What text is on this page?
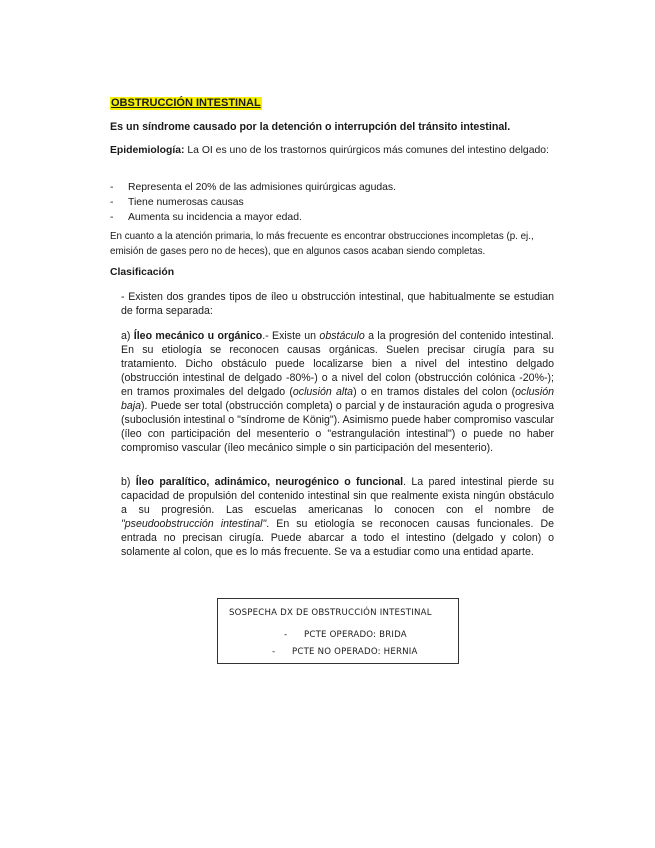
OBSTRUCCIÓN INTESTINAL

Es un síndrome causado por la detención o interrupción del tránsito intestinal.

Epidemiología: La OI es uno de los trastornos quirúrgicos más comunes del intestino delgado:

- Representa el 20% de las admisiones quirúrgicas agudas.
- Tiene numerosas causas
- Aumenta su incidencia a mayor edad.

En cuanto a la atención primaria, lo más frecuente es encontrar obstrucciones incompletas (p. ej., emisión de gases pero no de heces), que en algunos casos acaban siendo completas.

Clasificación

- Existen dos grandes tipos de íleo u obstrucción intestinal, que habitualmente se estudian de forma separada:

a) Íleo mecánico u orgánico.- Existe un obstáculo a la progresión del contenido intestinal. En su etiología se reconocen causas orgánicas. Suelen precisar cirugía para su tratamiento. Dicho obstáculo puede localizarse bien a nivel del intestino delgado (obstrucción intestinal de delgado -80%-) o a nivel del colon (obstrucción colónica -20%-); en tramos proximales del delgado (oclusión alta) o en tramos distales del colon (oclusión baja). Puede ser total (obstrucción completa) o parcial y de instauración aguda o progresiva (suboclusión intestinal o "síndrome de König"). Asimismo puede haber compromiso vascular (íleo con participación del mesenterio o "estrangulación intestinal") o puede no haber compromiso vascular (íleo mecánico simple o sin participación del mesenterio).

b) Íleo paralítico, adinámico, neurogénico o funcional. La pared intestinal pierde su capacidad de propulsión del contenido intestinal sin que realmente exista ningún obstáculo a su progresión. Las escuelas americanas lo conocen con el nombre de "pseudoobstrucción intestinal". En su etiología se reconocen causas funcionales. De entrada no precisan cirugía. Puede abarcar a todo el intestino (delgado y colon) o solamente al colon, que es lo más frecuente. Se va a estudiar como una entidad aparte.

SOSPECHA DX DE OBSTRUCCIÓN INTESTINAL
- PCTE OPERADO: BRIDA
- PCTE NO OPERADO: HERNIA
